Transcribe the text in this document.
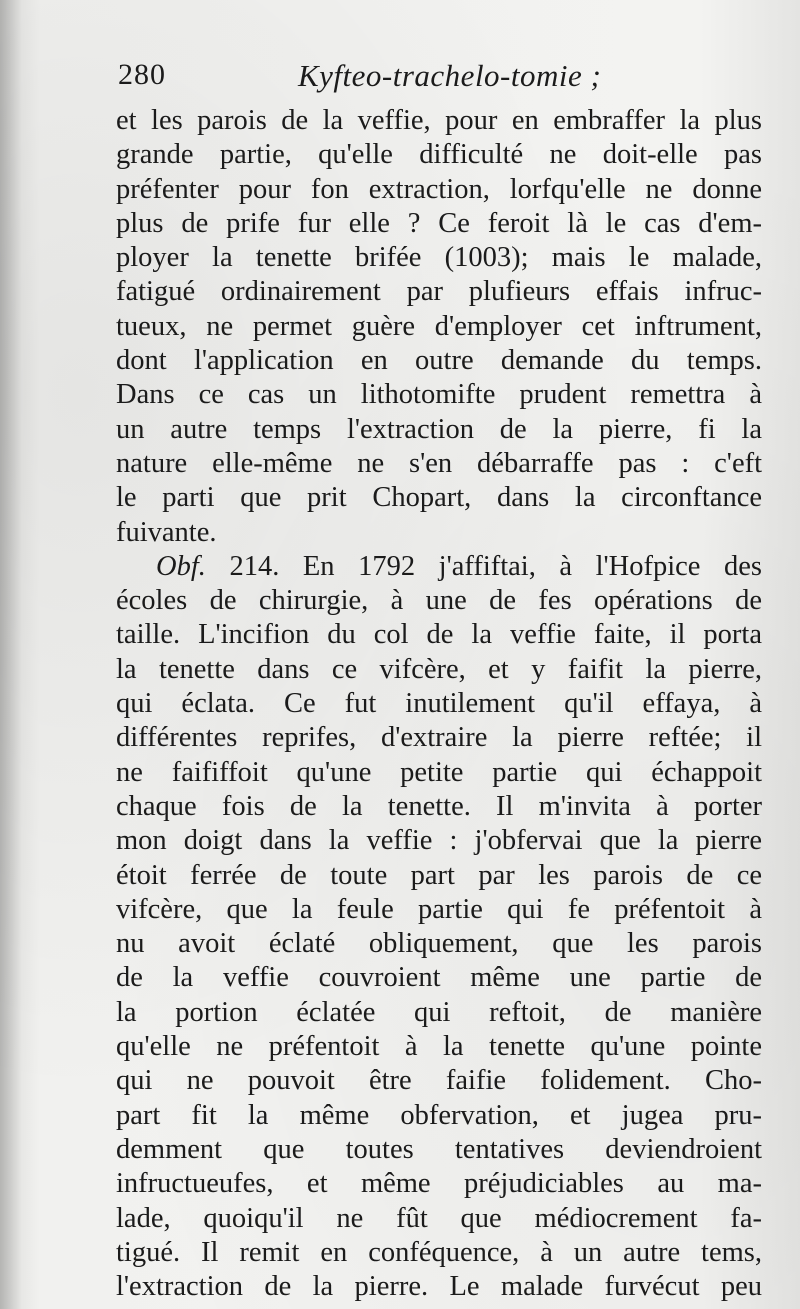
280	Kyfteo-trachelo-tomie ;
et les parois de la veffie, pour en embraffer la plus
grande partie, qu'elle difficulté ne doit-elle pas
préfenter pour fon extraction, lorfqu'elle ne donne
plus de prife fur elle ? Ce feroit là le cas d'em-
ployer la tenette brifée (1003); mais le malade,
fatigué ordinairement par plufieurs effais infruc-
tueux, ne permet guère d'employer cet inftrument,
dont l'application en outre demande du temps.
Dans ce cas un lithotomifte prudent remettra à
un autre temps l'extraction de la pierre, fi la
nature elle-même ne s'en débarraffe pas : c'eft
le parti que prit Chopart, dans la circonftance
fuivante.
Obf. 214. En 1792 j'affiftai, à l'Hofpice des
écoles de chirurgie, à une de fes opérations de
taille. L'incifion du col de la veffie faite, il porta
la tenette dans ce vifcère, et y faifit la pierre,
qui éclata. Ce fut inutilement qu'il effaya, à
différentes reprifes, d'extraire la pierre reftée; il
ne faififfoit qu'une petite partie qui échappoit
chaque fois de la tenette. Il m'invita à porter
mon doigt dans la veffie : j'obfervai que la pierre
étoit ferrée de toute part par les parois de ce
vifcère, que la feule partie qui fe préfentoit à
nu avoit éclaté obliquement, que les parois
de la veffie couvroient même une partie de
la portion éclatée qui reftoit, de manière
qu'elle ne préfentoit à la tenette qu'une pointe
qui ne pouvoit être faifie folidement. Cho-
part fit la même obfervation, et jugea pru-
demment que toutes tentatives deviendroient
infructueufes, et même préjudiciables au ma-
lade, quoiqu'il ne fût que médiocrement fa-
tigué. Il remit en conféquence, à un autre tems,
l'extraction de la pierre. Le malade furvécut peu
